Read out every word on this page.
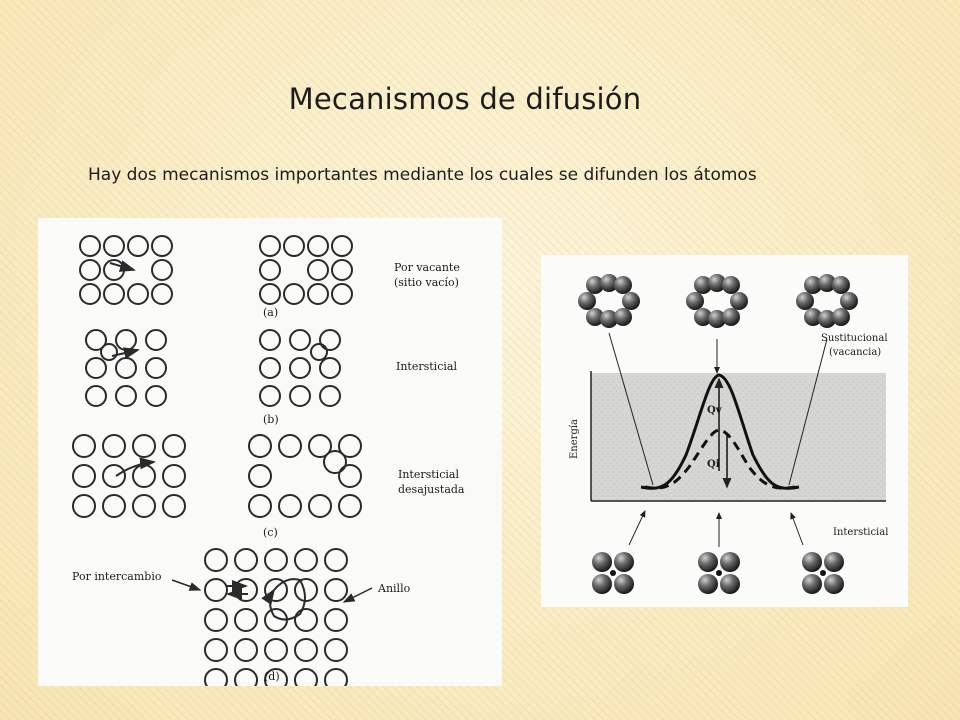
Mecanismos de difusión
Hay dos mecanismos importantes mediante los cuales se difunden los átomos
Por vacante
(sitio vacío)
(a)
Intersticial
(b)
Intersticial
desajustada
(c)
Por intercambio
Anillo
(d)
Sustitucional
(vacancia)
Energía
Qv
Qi
Intersticial
